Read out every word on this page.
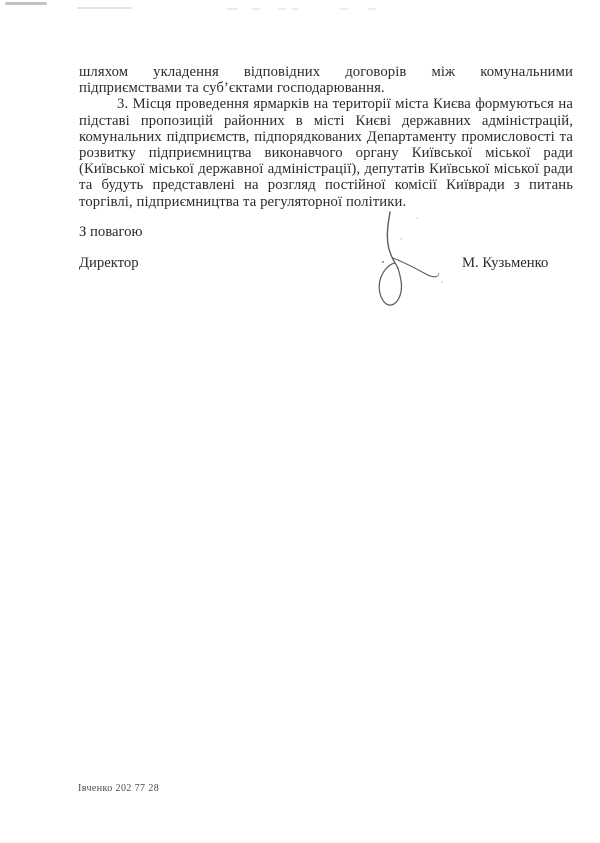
шляхом укладення відповідних договорів між комунальними підприємствами та суб’єктами господарювання.

3. Місця проведення ярмарків на території міста Києва формуються на підставі пропозицій районних в місті Києві державних адміністрацій, комунальних підприємств, підпорядкованих Департаменту промисловості та розвитку підприємництва виконавчого органу Київської міської ради (Київської міської державної адміністрації), депутатів Київської міської ради та будуть представлені на розгляд постійної комісії Київради з питань торгівлі, підприємництва та регуляторної політики.

З повагою
Директор	М. Кузьменко
Івченко 202 77 28
